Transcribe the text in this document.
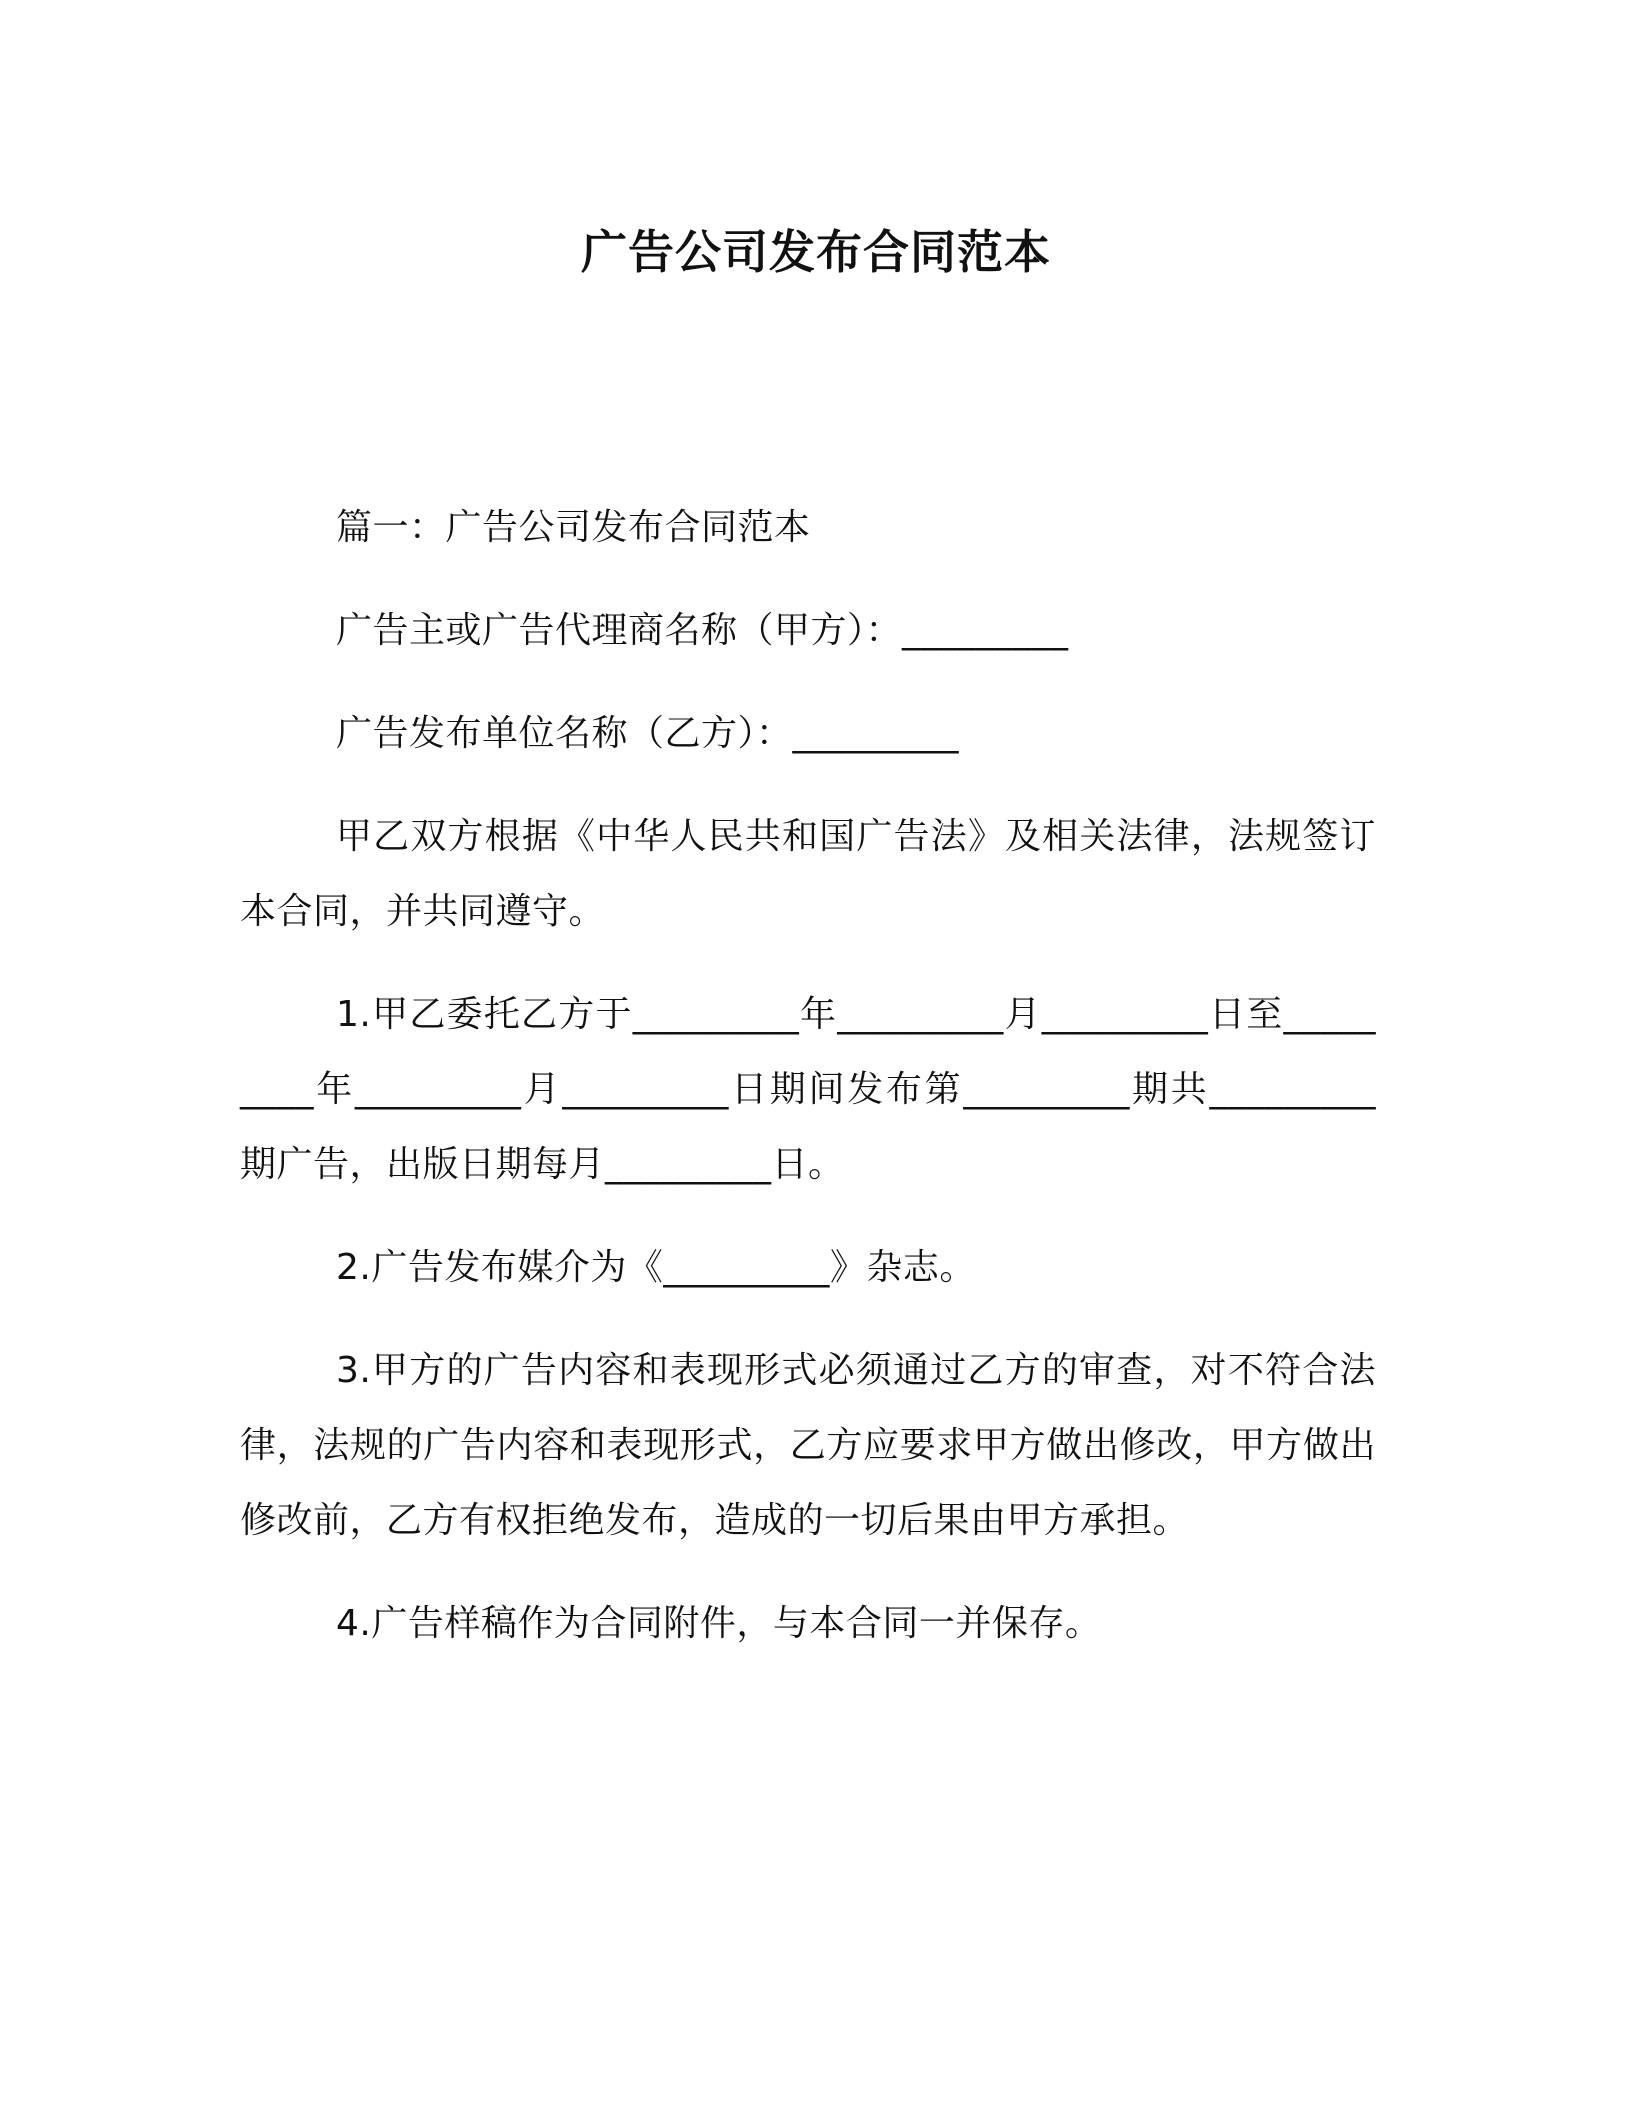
广告公司发布合同范本

篇一：广告公司发布合同范本

广告主或广告代理商名称（甲方）：_________

广告发布单位名称（乙方）：_________

甲乙双方根据《中华人民共和国广告法》及相关法律，法规签订本合同，并共同遵守。

1.甲乙委托乙方于_________年_________月_________日至_________年_________月_________日期间发布第_________期共_________期广告，出版日期每月_________日。

2.广告发布媒介为《_________》杂志。

3.甲方的广告内容和表现形式必须通过乙方的审查，对不符合法律，法规的广告内容和表现形式，乙方应要求甲方做出修改，甲方做出修改前，乙方有权拒绝发布，造成的一切后果由甲方承担。

4.广告样稿作为合同附件，与本合同一并保存。
